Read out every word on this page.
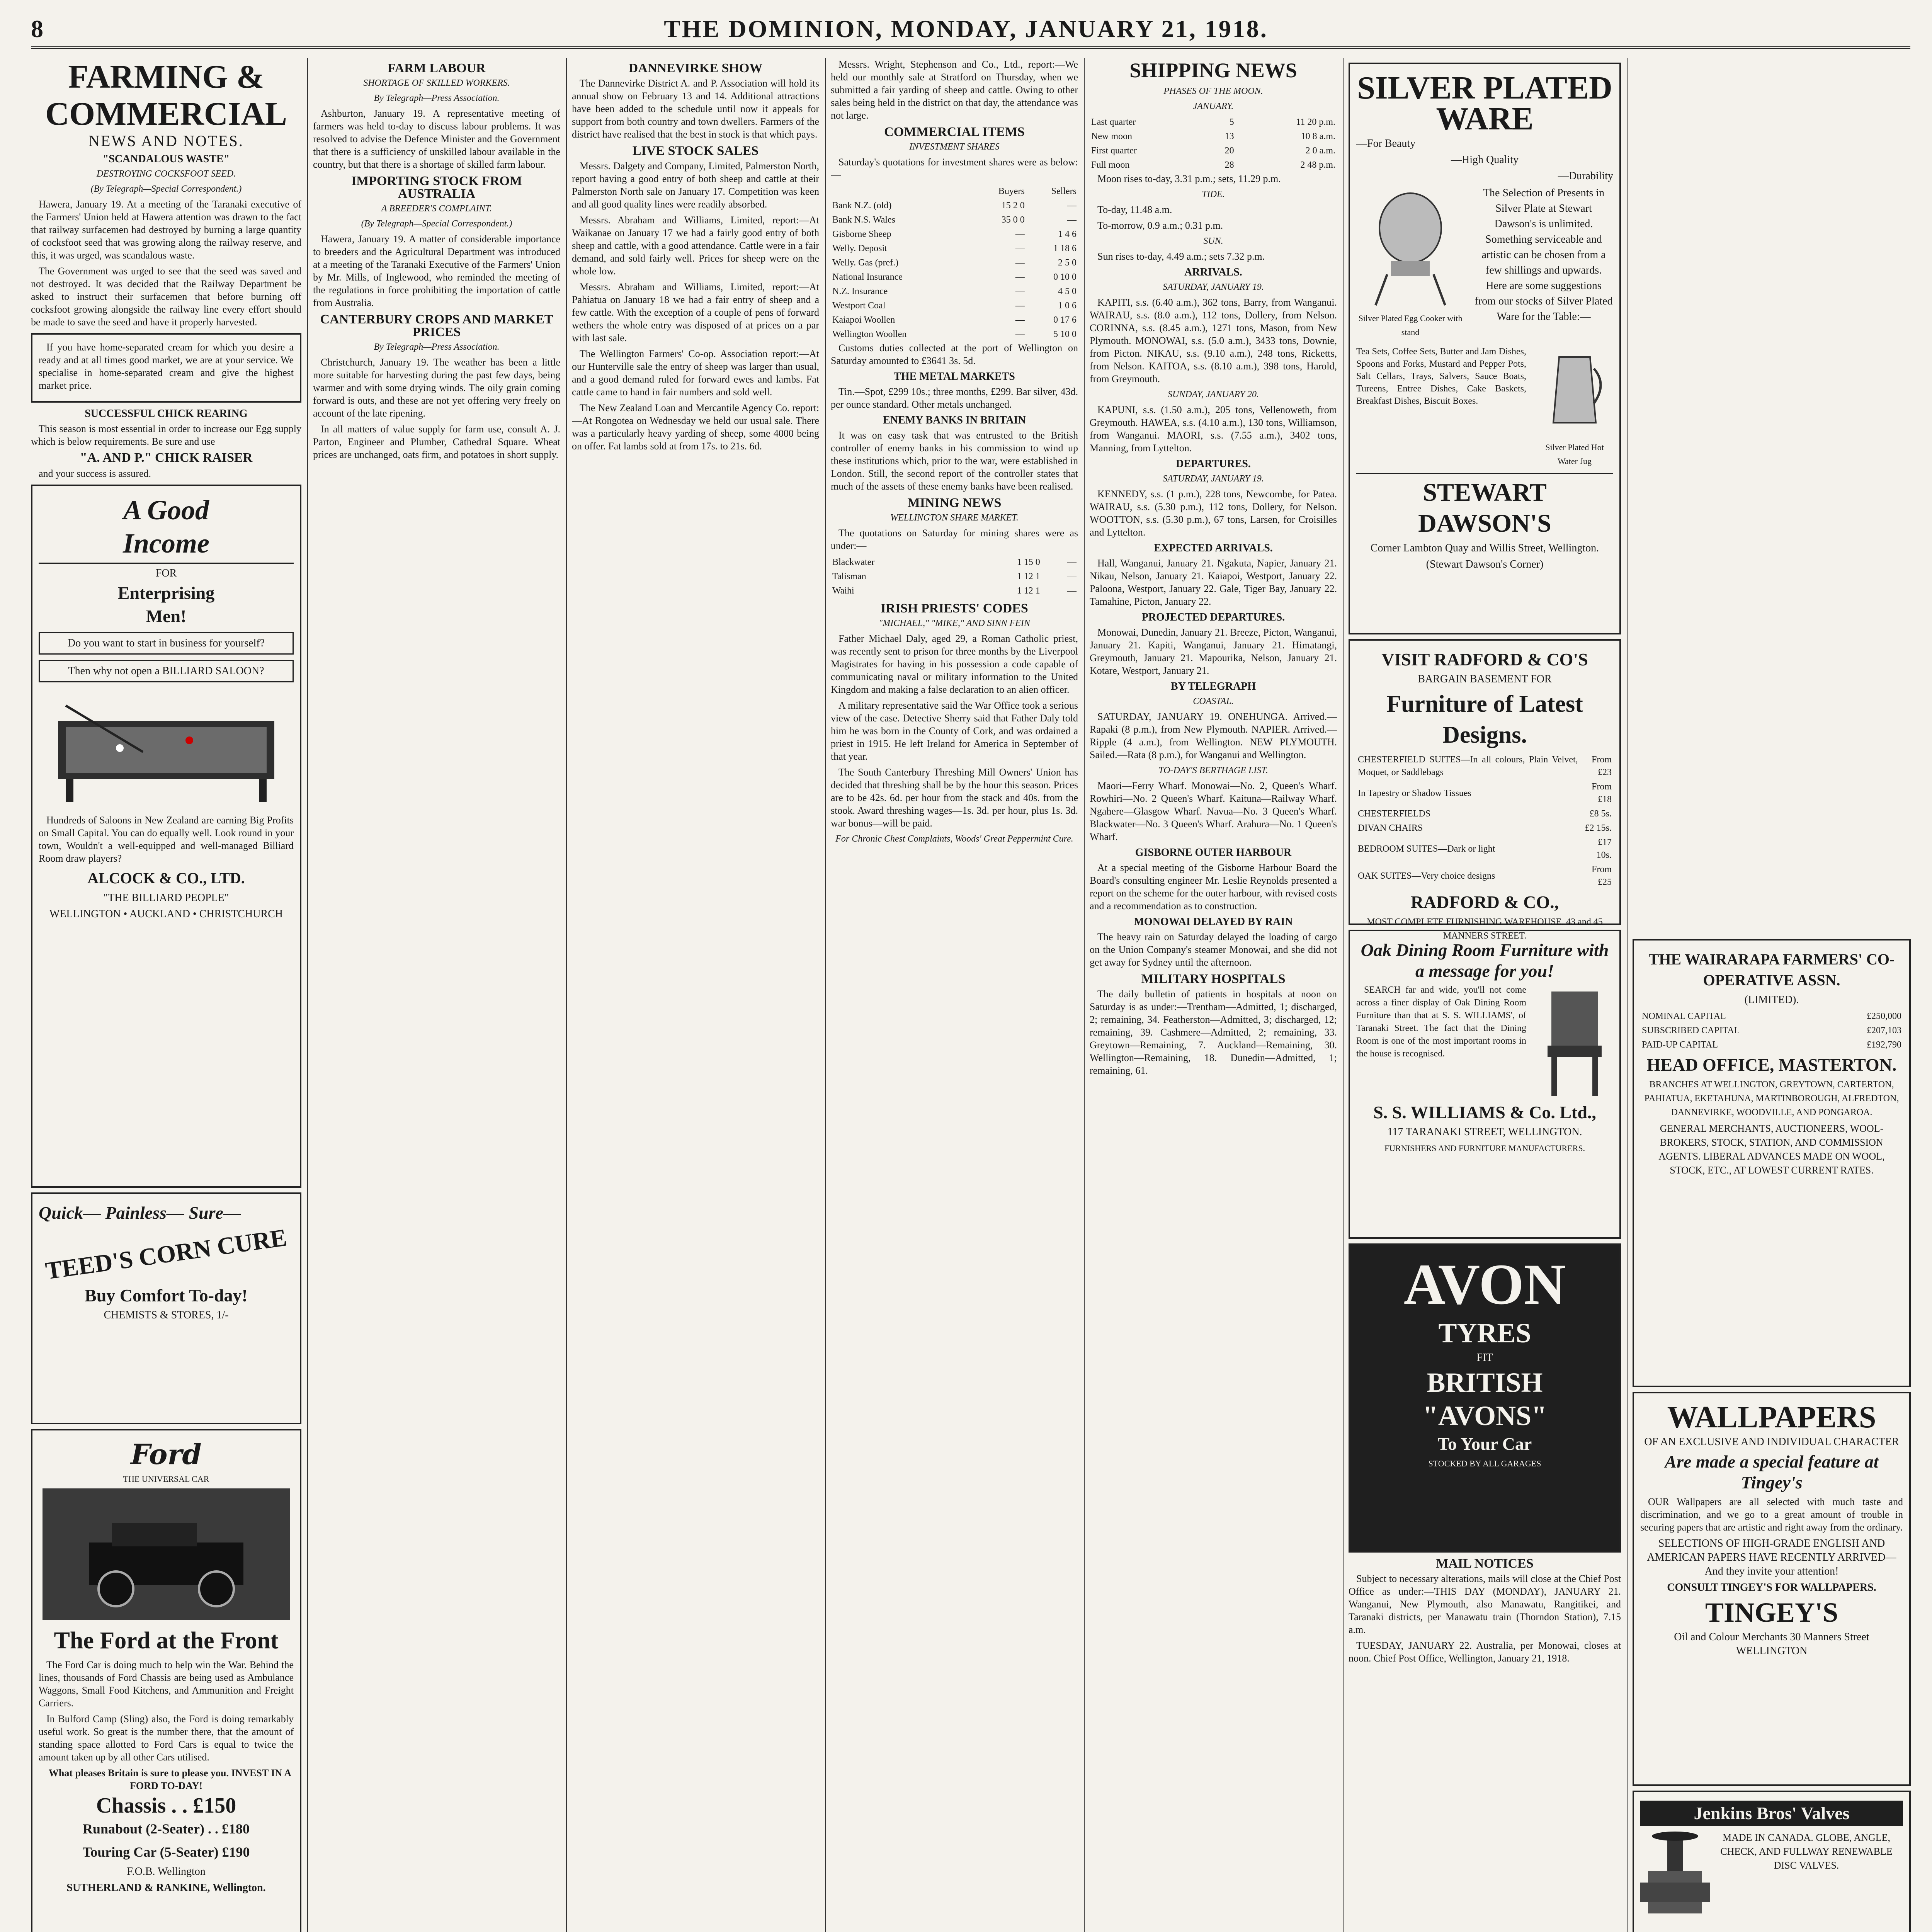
8	THE DOMINION, MONDAY, JANUARY 21, 1918.
FARMING & COMMERCIAL
NEWS AND NOTES.
"SCANDALOUS WASTE"
DESTROYING COCKSFOOT SEED.
(By Telegraph—Special Correspondent.)

Hawera, January 19. At a meeting of the Taranaki executive of the Farmers' Union held at Hawera attention was drawn to the fact that railway surfacemen had destroyed by burning a large quantity of cocksfoot seed that was growing along the railway reserve, and this, it was urged, was scandalous waste.

The Government was urged to see that the seed was saved and not destroyed. It was decided that the Railway Department be asked to instruct their surfacemen that before burning off cocksfoot growing alongside the railway line every effort should be made to save the seed and have it properly harvested.

If you have home-separated cream for which you desire a ready and at all times good market, we are at your service. We specialise in home-separated cream and give the highest market price.

SUCCESSFUL CHICK REARING

This season is most essential in order to increase our Egg supply which is below requirements. Be sure and use

"A. AND P." CHICK RAISER

and your success is assured.

A Good
Income
FOR
Enterprising
Men!
Do you want to start in business for yourself?
Then why not open a BILLIARD SALOON?

Hundreds of Saloons in New Zealand are earning Big Profits on Small Capital. You can do equally well. Look round in your town, Wouldn't a well-equipped and well-managed Billiard Room draw players?

ALCOCK & CO., LTD.
"THE BILLIARD PEOPLE"
WELLINGTON • AUCKLAND • CHRISTCHURCH
Quick— Painless— Sure—
TEED'S CORN CURE
Buy Comfort To-day!
CHEMISTS & STORES, 1/-
Ford
THE UNIVERSAL CAR
The Ford at the Front

The Ford Car is doing much to help win the War. Behind the lines, thousands of Ford Chassis are being used as Ambulance Waggons, Small Food Kitchens, and Ammunition and Freight Carriers.

In Bulford Camp (Sling) also, the Ford is doing remarkably useful work. So great is the number there, that the amount of standing space allotted to Ford Cars is equal to twice the amount taken up by all other Cars utilised.

What pleases Britain is sure to please you. INVEST IN A FORD TO-DAY!

Chassis . . £150
Runabout (2-Seater) . . £180
Touring Car (5-Seater) £190
F.O.B. Wellington
SUTHERLAND & RANKINE, Wellington.
FARM LABOUR
SHORTAGE OF SKILLED WORKERS.
By Telegraph—Press Association.

Ashburton, January 19. A representative meeting of farmers was held to-day to discuss labour problems. It was resolved to advise the Defence Minister and the Government that there is a sufficiency of unskilled labour available in the country, but that there is a shortage of skilled farm labour.

IMPORTING STOCK FROM AUSTRALIA
A BREEDER'S COMPLAINT.
(By Telegraph—Special Correspondent.)

Hawera, January 19. A matter of considerable importance to breeders and the Agricultural Department was introduced at a meeting of the Taranaki Executive of the Farmers' Union by Mr. Mills, of Inglewood, who reminded the meeting of the regulations in force prohibiting the importation of cattle from Australia.

CANTERBURY CROPS AND MARKET PRICES
By Telegraph—Press Association.

Christchurch, January 19. The weather has been a little more suitable for harvesting during the past few days, being warmer and with some drying winds. The oily grain coming forward is outs, and these are not yet offering very freely on account of the late ripening.

In all matters of value supply for farm use, consult A. J. Parton, Engineer and Plumber, Cathedral Square. Wheat prices are unchanged, oats firm, and potatoes in short supply.

DANNEVIRKE SHOW

The Dannevirke District A. and P. Association will hold its annual show on February 13 and 14. Additional attractions have been added to the schedule until now it appeals for support from both country and town dwellers. Farmers of the district have realised that the best in stock is that which pays.

LIVE STOCK SALES

Messrs. Dalgety and Company, Limited, Palmerston North, report having a good entry of both sheep and cattle at their Palmerston North sale on January 17. Competition was keen and all good quality lines were readily absorbed.

Messrs. Abraham and Williams, Limited, report:—At Waikanae on January 17 we had a fairly good entry of both sheep and cattle, with a good attendance. Cattle were in a fair demand, and sold fairly well. Prices for sheep were on the whole low.

Messrs. Abraham and Williams, Limited, report:—At Pahiatua on January 18 we had a fair entry of sheep and a few cattle. With the exception of a couple of pens of forward wethers the whole entry was disposed of at prices on a par with last sale.

The Wellington Farmers' Co-op. Association report:—At our Hunterville sale the entry of sheep was larger than usual, and a good demand ruled for forward ewes and lambs. Fat cattle came to hand in fair numbers and sold well.

The New Zealand Loan and Mercantile Agency Co. report:—At Rongotea on Wednesday we held our usual sale. There was a particularly heavy yarding of sheep, some 4000 being on offer. Fat lambs sold at from 17s. to 21s. 6d.

Messrs. Wright, Stephenson and Co., Ltd., report:—We held our monthly sale at Stratford on Thursday, when we submitted a fair yarding of sheep and cattle. Owing to other sales being held in the district on that day, the attendance was not large.

COMMERCIAL ITEMS
INVESTMENT SHARES

Saturday's quotations for investment shares were as below:—

	Buyers	Sellers
Bank N.Z. (old)	15 2 0	—
Bank N.S. Wales	35 0 0	—
Gisborne Sheep	—	1 4 6
Welly. Deposit	—	1 18 6
Welly. Gas (pref.)	—	2 5 0
National Insurance	—	0 10 0
N.Z. Insurance	—	4 5 0
Westport Coal	—	1 0 6
Kaiapoi Woollen	—	0 17 6
Wellington Woollen	—	5 10 0

Customs duties collected at the port of Wellington on Saturday amounted to £3641 3s. 5d.

THE METAL MARKETS

Tin.—Spot, £299 10s.; three months, £299. Bar silver, 43d. per ounce standard. Other metals unchanged.

ENEMY BANKS IN BRITAIN

It was on easy task that was entrusted to the British controller of enemy banks in his commission to wind up these institutions which, prior to the war, were established in London. Still, the second report of the controller states that much of the assets of these enemy banks have been realised.

MINING NEWS
WELLINGTON SHARE MARKET.

The quotations on Saturday for mining shares were as under:—

Blackwater	1 15 0	—
Talisman	1 12 1	—
Waihi	1 12 1	—
IRISH PRIESTS' CODES
"MICHAEL," "MIKE," AND SINN FEIN

Father Michael Daly, aged 29, a Roman Catholic priest, was recently sent to prison for three months by the Liverpool Magistrates for having in his possession a code capable of communicating naval or military information to the United Kingdom and making a false declaration to an alien officer.

A military representative said the War Office took a serious view of the case. Detective Sherry said that Father Daly told him he was born in the County of Cork, and was ordained a priest in 1915. He left Ireland for America in September of that year.

The South Canterbury Threshing Mill Owners' Union has decided that threshing shall be by the hour this season. Prices are to be 42s. 6d. per hour from the stack and 40s. from the stook. Award threshing wages—1s. 3d. per hour, plus 1s. 3d. war bonus—will be paid.

For Chronic Chest Complaints, Woods' Great Peppermint Cure.
SHIPPING NEWS
PHASES OF THE MOON.
JANUARY.
Last quarter	5	11 20 p.m.
New moon	13	10 8 a.m.
First quarter	20	2 0 a.m.
Full moon	28	2 48 p.m.

Moon rises to-day, 3.31 p.m.; sets, 11.29 p.m.

TIDE.

To-day, 11.48 a.m.

To-morrow, 0.9 a.m.; 0.31 p.m.

SUN.

Sun rises to-day, 4.49 a.m.; sets 7.32 p.m.

ARRIVALS.
SATURDAY, JANUARY 19.

KAPITI, s.s. (6.40 a.m.), 362 tons, Barry, from Wanganui. WAIRAU, s.s. (8.0 a.m.), 112 tons, Dollery, from Nelson. CORINNA, s.s. (8.45 a.m.), 1271 tons, Mason, from New Plymouth. MONOWAI, s.s. (5.0 a.m.), 3433 tons, Downie, from Picton. NIKAU, s.s. (9.10 a.m.), 248 tons, Ricketts, from Nelson. KAITOA, s.s. (8.10 a.m.), 398 tons, Harold, from Greymouth.

SUNDAY, JANUARY 20.

KAPUNI, s.s. (1.50 a.m.), 205 tons, Vellenoweth, from Greymouth. HAWEA, s.s. (4.10 a.m.), 130 tons, Williamson, from Wanganui. MAORI, s.s. (7.55 a.m.), 3402 tons, Manning, from Lyttelton.

DEPARTURES.
SATURDAY, JANUARY 19.

KENNEDY, s.s. (1 p.m.), 228 tons, Newcombe, for Patea. WAIRAU, s.s. (5.30 p.m.), 112 tons, Dollery, for Nelson. WOOTTON, s.s. (5.30 p.m.), 67 tons, Larsen, for Croisilles and Lyttelton.

EXPECTED ARRIVALS.

Hall, Wanganui, January 21. Ngakuta, Napier, January 21. Nikau, Nelson, January 21. Kaiapoi, Westport, January 22. Paloona, Westport, January 22. Gale, Tiger Bay, January 22. Tamahine, Picton, January 22.

PROJECTED DEPARTURES.

Monowai, Dunedin, January 21. Breeze, Picton, Wanganui, January 21. Kapiti, Wanganui, January 21. Himatangi, Greymouth, January 21. Mapourika, Nelson, January 21. Kotare, Westport, January 21.

BY TELEGRAPH
COASTAL.

SATURDAY, JANUARY 19. ONEHUNGA. Arrived.—Rapaki (8 p.m.), from New Plymouth. NAPIER. Arrived.—Ripple (4 a.m.), from Wellington. NEW PLYMOUTH. Sailed.—Rata (8 p.m.), for Wanganui and Wellington.

TO-DAY'S BERTHAGE LIST.

Maori—Ferry Wharf. Monowai—No. 2, Queen's Wharf. Rowhiri—No. 2 Queen's Wharf. Kaituna—Railway Wharf. Ngahere—Glasgow Wharf. Navua—No. 3 Queen's Wharf. Blackwater—No. 3 Queen's Wharf. Arahura—No. 1 Queen's Wharf.

GISBORNE OUTER HARBOUR

At a special meeting of the Gisborne Harbour Board the Board's consulting engineer Mr. Leslie Reynolds presented a report on the scheme for the outer harbour, with revised costs and a recommendation as to construction.

MONOWAI DELAYED BY RAIN

The heavy rain on Saturday delayed the loading of cargo on the Union Company's steamer Monowai, and she did not get away for Sydney until the afternoon.

MILITARY HOSPITALS

The daily bulletin of patients in hospitals at noon on Saturday is as under:—Trentham—Admitted, 1; discharged, 2; remaining, 34. Featherston—Admitted, 3; discharged, 12; remaining, 39. Cashmere—Admitted, 2; remaining, 33. Greytown—Remaining, 7. Auckland—Remaining, 30. Wellington—Remaining, 18. Dunedin—Admitted, 1; remaining, 61.

SILVER PLATED WARE
—For Beauty
—High Quality
—Durability
Silver Plated Egg Cooker with stand
The Selection of Presents in Silver Plate at Stewart Dawson's is unlimited. Something serviceable and artistic can be chosen from a few shillings and upwards. Here are some suggestions from our stocks of Silver Plated Ware for the Table:—
Tea Sets, Coffee Sets, Butter and Jam Dishes, Spoons and Forks, Mustard and Pepper Pots, Salt Cellars, Trays, Salvers, Sauce Boats, Tureens, Entree Dishes, Cake Baskets, Breakfast Dishes, Biscuit Boxes.
Silver Plated Hot Water Jug
STEWART DAWSON'S
Corner Lambton Quay and Willis Street, Wellington.
(Stewart Dawson's Corner)
VISIT RADFORD & CO'S
BARGAIN BASEMENT FOR
Furniture of Latest Designs.
CHESTERFIELD SUITES—In all colours, Plain Velvet, Moquet, or Saddlebags	From £23
In Tapestry or Shadow Tissues	From £18
CHESTERFIELDS	£8 5s.
DIVAN CHAIRS	£2 15s.
BEDROOM SUITES—Dark or light	£17 10s.
OAK SUITES—Very choice designs	From £25
RADFORD & CO.,
MOST COMPLETE FURNISHING WAREHOUSE. 43 and 45 MANNERS STREET.
Oak Dining Room Furniture with a message for you!

SEARCH far and wide, you'll not come across a finer display of Oak Dining Room Furniture than that at S. S. WILLIAMS', of Taranaki Street. The fact that the Dining Room is one of the most important rooms in the house is recognised.

S. S. WILLIAMS & Co. Ltd.,
117 TARANAKI STREET, WELLINGTON.
FURNISHERS AND FURNITURE MANUFACTURERS.
AVON
TYRES
FIT
BRITISH
"AVONS"
To Your Car
STOCKED BY ALL GARAGES
MAIL NOTICES

Subject to necessary alterations, mails will close at the Chief Post Office as under:—THIS DAY (MONDAY), JANUARY 21. Wanganui, New Plymouth, also Manawatu, Rangitikei, and Taranaki districts, per Manawatu train (Thorndon Station), 7.15 a.m.

TUESDAY, JANUARY 22. Australia, per Monowai, closes at noon. Chief Post Office, Wellington, January 21, 1918.

THE WAIRARAPA FARMERS' CO-OPERATIVE ASSN.
(LIMITED).
NOMINAL CAPITAL	£250,000
SUBSCRIBED CAPITAL	£207,103
PAID-UP CAPITAL	£192,790
HEAD OFFICE, MASTERTON.
BRANCHES AT WELLINGTON, GREYTOWN, CARTERTON, PAHIATUA, EKETAHUNA, MARTINBOROUGH, ALFREDTON, DANNEVIRKE, WOODVILLE, AND PONGAROA.
GENERAL MERCHANTS, AUCTIONEERS, WOOL-BROKERS, STOCK, STATION, AND COMMISSION AGENTS. LIBERAL ADVANCES MADE ON WOOL, STOCK, ETC., AT LOWEST CURRENT RATES.
WALLPAPERS
OF AN EXCLUSIVE AND INDIVIDUAL CHARACTER
Are made a special feature at Tingey's

OUR Wallpapers are all selected with much taste and discrimination, and we go to a great amount of trouble in securing papers that are artistic and right away from the ordinary.

SELECTIONS OF HIGH-GRADE ENGLISH AND AMERICAN PAPERS HAVE RECENTLY ARRIVED— And they invite your attention!
CONSULT TINGEY'S FOR WALLPAPERS.
TINGEY'S
Oil and Colour Merchants 30 Manners Street WELLINGTON
Jenkins Bros' Valves
MADE IN CANADA. GLOBE, ANGLE, CHECK, AND FULLWAY RENEWABLE DISC VALVES.
